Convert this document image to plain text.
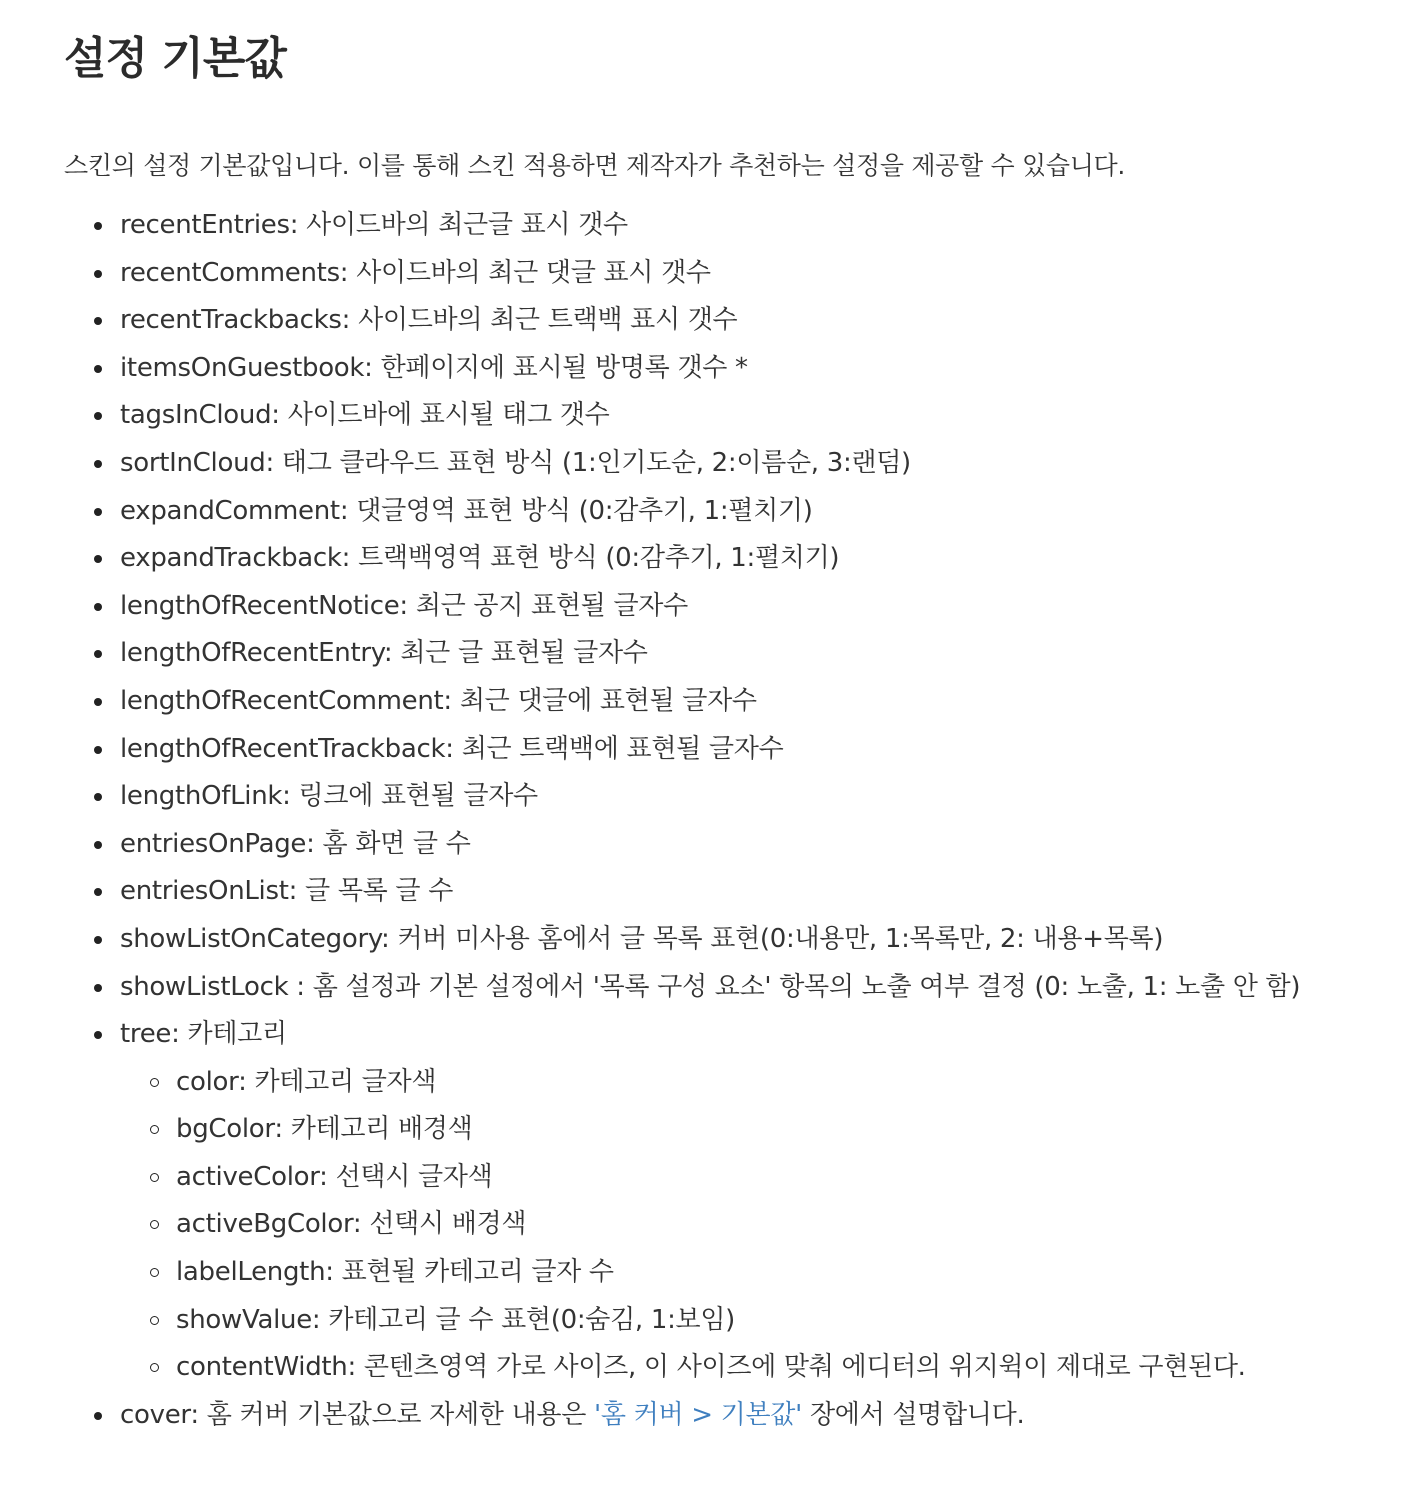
설정 기본값

스킨의 설정 기본값입니다. 이를 통해 스킨 적용하면 제작자가 추천하는 설정을 제공할 수 있습니다.

recentEntries: 사이드바의 최근글 표시 갯수
recentComments: 사이드바의 최근 댓글 표시 갯수
recentTrackbacks: 사이드바의 최근 트랙백 표시 갯수
itemsOnGuestbook: 한페이지에 표시될 방명록 갯수 *
tagsInCloud: 사이드바에 표시될 태그 갯수
sortInCloud: 태그 클라우드 표현 방식 (1:인기도순, 2:이름순, 3:랜덤)
expandComment: 댓글영역 표현 방식 (0:감추기, 1:펼치기)
expandTrackback: 트랙백영역 표현 방식 (0:감추기, 1:펼치기)
lengthOfRecentNotice: 최근 공지 표현될 글자수
lengthOfRecentEntry: 최근 글 표현될 글자수
lengthOfRecentComment: 최근 댓글에 표현될 글자수
lengthOfRecentTrackback: 최근 트랙백에 표현될 글자수
lengthOfLink: 링크에 표현될 글자수
entriesOnPage: 홈 화면 글 수
entriesOnList: 글 목록 글 수
showListOnCategory: 커버 미사용 홈에서 글 목록 표현(0:내용만, 1:목록만, 2: 내용+목록)
showListLock : 홈 설정과 기본 설정에서 '목록 구성 요소' 항목의 노출 여부 결정 (0: 노출, 1: 노출 안 함)
tree: 카테고리
color: 카테고리 글자색
bgColor: 카테고리 배경색
activeColor: 선택시 글자색
activeBgColor: 선택시 배경색
labelLength: 표현될 카테고리 글자 수
showValue: 카테고리 글 수 표현(0:숨김, 1:보임)
contentWidth: 콘텐츠영역 가로 사이즈, 이 사이즈에 맞춰 에디터의 위지윅이 제대로 구현된다.
cover: 홈 커버 기본값으로 자세한 내용은 '홈 커버 > 기본값' 장에서 설명합니다.
